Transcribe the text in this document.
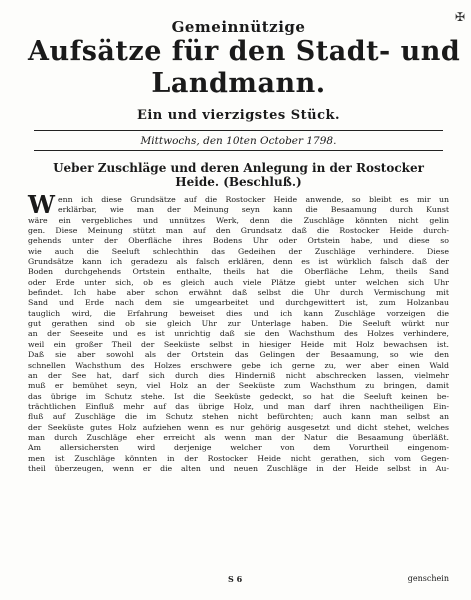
✠
Gemeinnützige
Aufsätze für den Stadt- und
Landmann.
Ein und vierzigstes Stück.
Mittwochs, den 10ten October 1798.
Ueber Zuschläge und deren Anlegung in der Rostocker
Heide. (Beschluß.)
W enn ich diese Grundsätze auf die Rostocker Heide anwende, so bleibt es mir un
erklärbar, wie man der Meinung seyn kann die Besaamung durch Kunst
wäre ein vergebliches und unnützes Werk, denn die Zuschläge könnten nicht gelin
gen. Diese Meinung stützt man auf den Grundsatz daß die Rostocker Heide durch-
gehends unter der Oberfläche ihres Bodens Uhr oder Ortstein habe, und diese so
wie auch die Seeluft schlechthin das Gedeihen der Zuschläge verhindere. Diese
Grundsätze kann ich geradezu als falsch erklären, denn es ist würklich falsch daß der
Boden durchgehends Ortstein enthalte, theils hat die Oberfläche Lehm, theils Sand
oder Erde unter sich, ob es gleich auch viele Plätze giebt unter welchen sich Uhr
befindet. Ich habe aber schon erwähnt daß selbst die Uhr durch Vermischung mit
Sand und Erde nach dem sie umgearbeitet und durchgewittert ist, zum Holzanbau
tauglich wird, die Erfahrung beweiset dies und ich kann Zuschläge vorzeigen die
gut gerathen sind ob sie gleich Uhr zur Unterlage haben. Die Seeluft würkt nur
an der Seeseite und es ist unrichtig daß sie den Wachsthum des Holzes verhindere,
weil ein großer Theil der Seeküste selbst in hiesiger Heide mit Holz bewachsen ist.
Daß sie aber sowohl als der Ortstein das Gelingen der Besaamung, so wie den
schnellen Wachsthum des Holzes erschwere gebe ich gerne zu, wer aber einen Wald
an der See hat, darf sich durch dies Hinderniß nicht abschrecken lassen, vielmehr
muß er bemühet seyn, viel Holz an der Seeküste zum Wachsthum zu bringen, damit
das übrige im Schutz stehe. Ist die Seeküste gedeckt, so hat die Seeluft keinen be-
trächtlichen Einfluß mehr auf das übrige Holz, und man darf ihren nachtheiligen Ein-
fluß auf Zuschläge die im Schutz stehen nicht befürchten; auch kann man selbst an
der Seeküste gutes Holz aufziehen wenn es nur gehörig ausgesetzt und dicht stehet, welches
man durch Zuschläge eher erreicht als wenn man der Natur die Besaamung überläßt.
Am allersichersten wird derjenige welcher von dem Vorurtheil eingenom-
men ist Zuschläge könnten in der Rostocker Heide nicht gerathen, sich vom Gegen-
theil überzeugen, wenn er die alten und neuen Zuschläge in der Heide selbst in Au-
S 6	genschein
